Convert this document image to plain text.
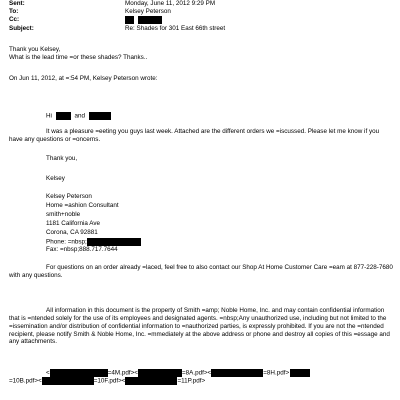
Sent:	Monday, June 11, 2012 9:29 PM
To:	Kelsey Peterson
Cc:

Subject:	Re: Shades for 301 East 66th street
Thank you Kelsey,
What is the lead time =or these shades? Thanks..
On Jun 11, 2012, at =:54 PM, Kelsey Peterson wrote:
Hi	and
It was a pleasure =eeting you guys last week. Attached are the different orders we =iscussed. Please let me know if you have any questions or =oncerns.
Thank you,
Kelsey
Kelsey Peterson
Home =ashion Consultant
smith+noble
1181 California Ave
Corona, CA 92881
Phone: =nbsp;
Fax: =nbsp;888.717.7644
For questions on an order already =laced, feel free to also contact our Shop At Home Customer Care =eam at 877-228-7680 with any questions.
All information in this document is the property of Smith =amp; Noble Home, Inc. and may contain confidential information that is =ntended solely for the use of its employees and designated agents. =nbsp;Any unauthorized use, including but not limited to the =issemination and/or distribution of confidential information to =nauthorized parties, is expressly prohibited. If you are not the =ntended recipient, please notify Smith & Noble Home, Inc. =mmediately at the above address or phone and destroy all copies of this =essage and any attachments.
<	=4M.pdf><	=8A.pdf><	=8H.pdf>
=10B.pdf><	=10F.pdf><	=11P.pdf>
